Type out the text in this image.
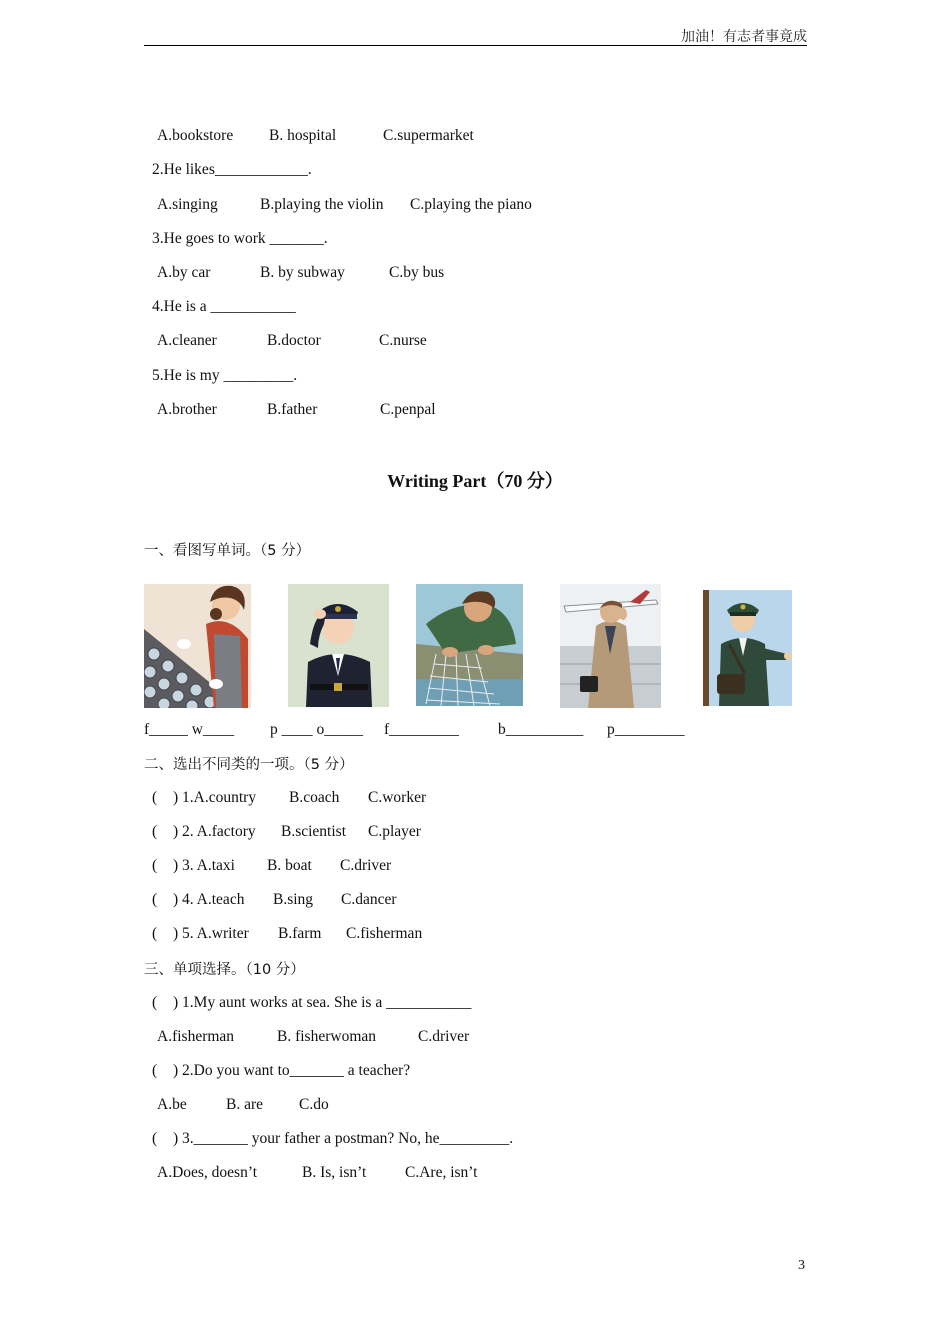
加油！有志者事竟成
A.bookstore B. hospital	C.supermarket
2.He likes____________.
A.singing	B.playing the violin C.playing the piano
3.He goes to work _______.
A.by car	B. by subway	C.by bus
4.He is a ___________
A.cleaner	B.doctor	C.nurse
5.He is my _________.
A.brother	B.father	C.penpal
Writing Part（70 分）
一、看图写单词。（5 分）
f_____ w____ p ____ o_____ f_________	b__________ p_________
二、选出不同类的一项。（5 分）
( ) 1.A.country B.coach C.worker
( ) 2. A.factory B.scientist C.player
( ) 3. A.taxi B. boat C.driver
( ) 4. A.teach B.sing C.dancer
( ) 5. A.writer B.farm C.fisherman
三、单项选择。（10 分）
( ) 1.My aunt works at sea. She is a ___________
A.fisherman	B. fisherwoman	C.driver
( ) 2.Do you want to_______ a teacher?
A.be	B. are C.do
( ) 3._______ your father a postman? No, he_________.
A.Does, doesn’t	B. Is, isn’t C.Are, isn’t
3
